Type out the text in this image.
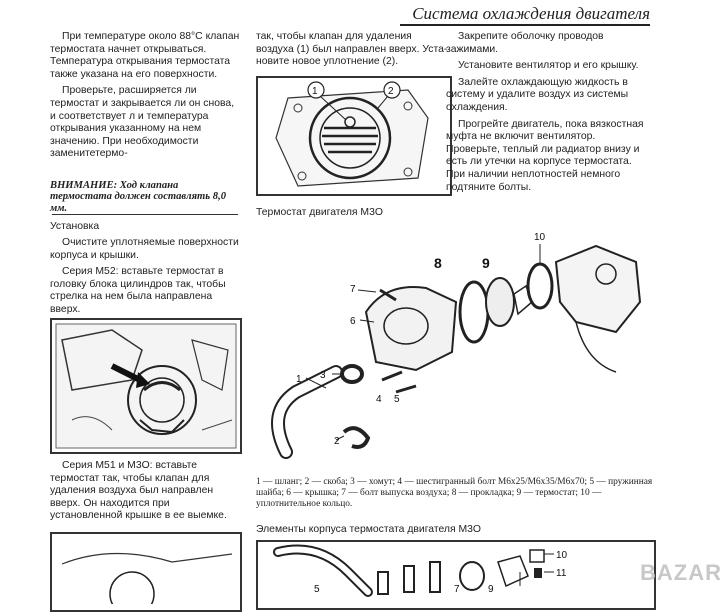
Система охлаждения двигателя

При температуре около 88°С клапан термостата начнет открываться. Температура открывания термостата также указана на его поверхности.

Проверьте, расширяется ли термостат и закрывается ли он снова, и соответствует л и температура открывания указанному на нем значению. При необходимости заменитетермо-

ВНИМАНИЕ: Ход клапана термостата должен составлять 8,0 мм.
Установка

Очистите уплотняемые поверхности корпуса и крышки.

Серия М52: вставьте термостат в головку блока цилиндров так, чтобы стрелка на нем была направлена вверх.

Серия М51 и М3О: вставьте термостат так, чтобы клапан для удаления воздуха был направлен вверх. Он находится при установленной крышке в ее выемке.

так, чтобы клапан для удаления воздуха (1) был направлен вверх. Уста-новите новое уплотнение (2).

1	2

Закрепите оболочку проводов зажимами.

Установите вентилятор и его крышку.

Залейте охлаждающую жидкость в систему и удалите воздух из системы охлаждения.

Прогрейте двигатель, пока вязкостная муфта не включит вентилятор. Проверьте, теплый ли радиатор внизу и есть ли утечки на корпусе термостата. При наличии неплотностей немного подтяните болты.

Термостат двигателя М3О
1
2
3
4 5
6
7
8	9
10
1 — шланг; 2 — скоба; 3 — хомут; 4 — шестигранный болт М6х25/М6х35/М6х70; 5 — пружинная шайба; 6 — крышка; 7 — болт выпуска воздуха; 8 — прокладка; 9 — термостат; 10 — уплотнительное кольцо.
Элементы корпуса термостата двигателя М3О
5	7	9
10
11	BAZAR
